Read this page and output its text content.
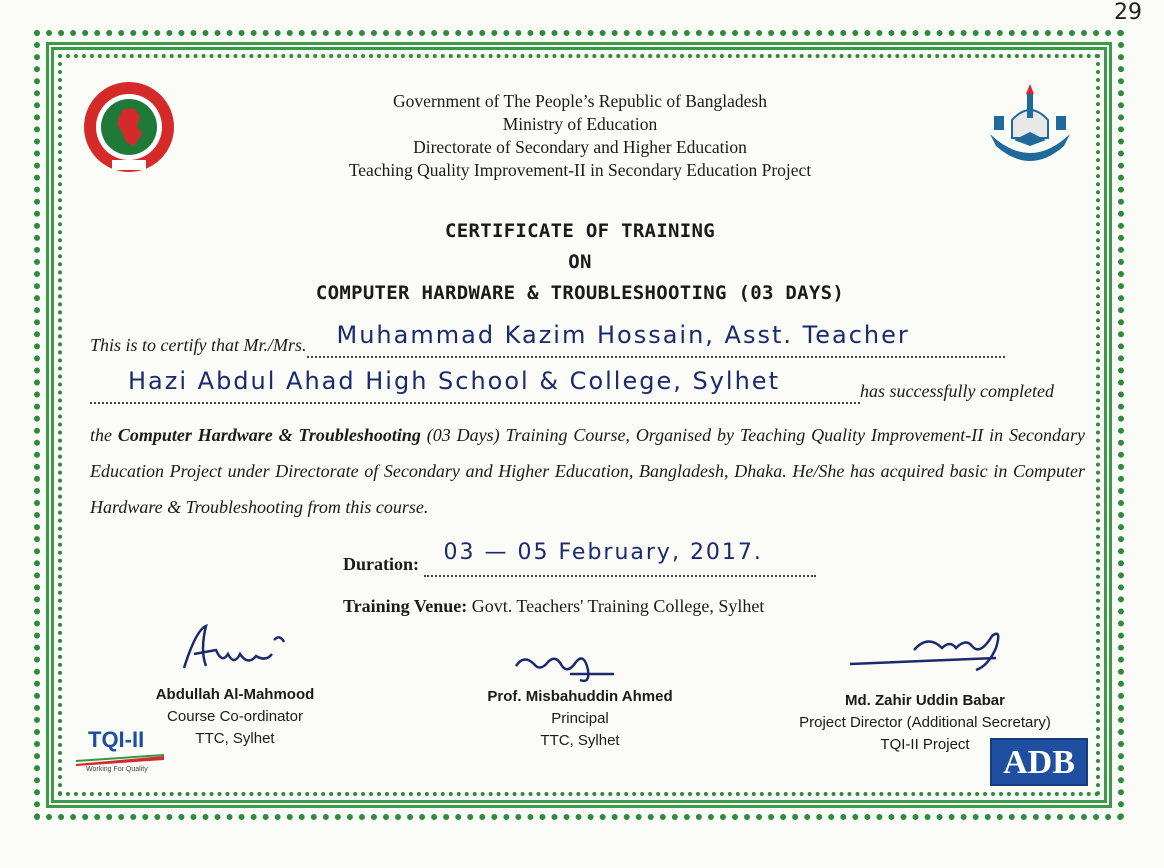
29
Government of The People’s Republic of Bangladesh
Ministry of Education
Directorate of Secondary and Higher Education
Teaching Quality Improvement-II in Secondary Education Project
CERTIFICATE OF TRAINING
ON
COMPUTER HARDWARE & TROUBLESHOOTING (03 DAYS)
This is to certify that Mr./Mrs. Muhammad Kazim Hossain, Asst. Teacher

Hazi Abdul Ahad High School & College, Sylhet	has successfully completed
the Computer Hardware & Troubleshooting (03 Days) Training Course, Organised by Teaching Quality Improvement-II in Secondary Education Project under Directorate of Secondary and Higher Education, Bangladesh, Dhaka. He/She has acquired basic in Computer Hardware & Troubleshooting from this course.
Duration: 03 — 05 February, 2017.

Training Venue: Govt. Teachers' Training College, Sylhet
Abdullah Al-Mahmood
Course Co-ordinator
TTC, Sylhet
Prof. Misbahuddin Ahmed
Principal
TTC, Sylhet
Md. Zahir Uddin Babar
Project Director (Additional Secretary)
TQI-II Project
TQI-II
Working For Quality	ADB
